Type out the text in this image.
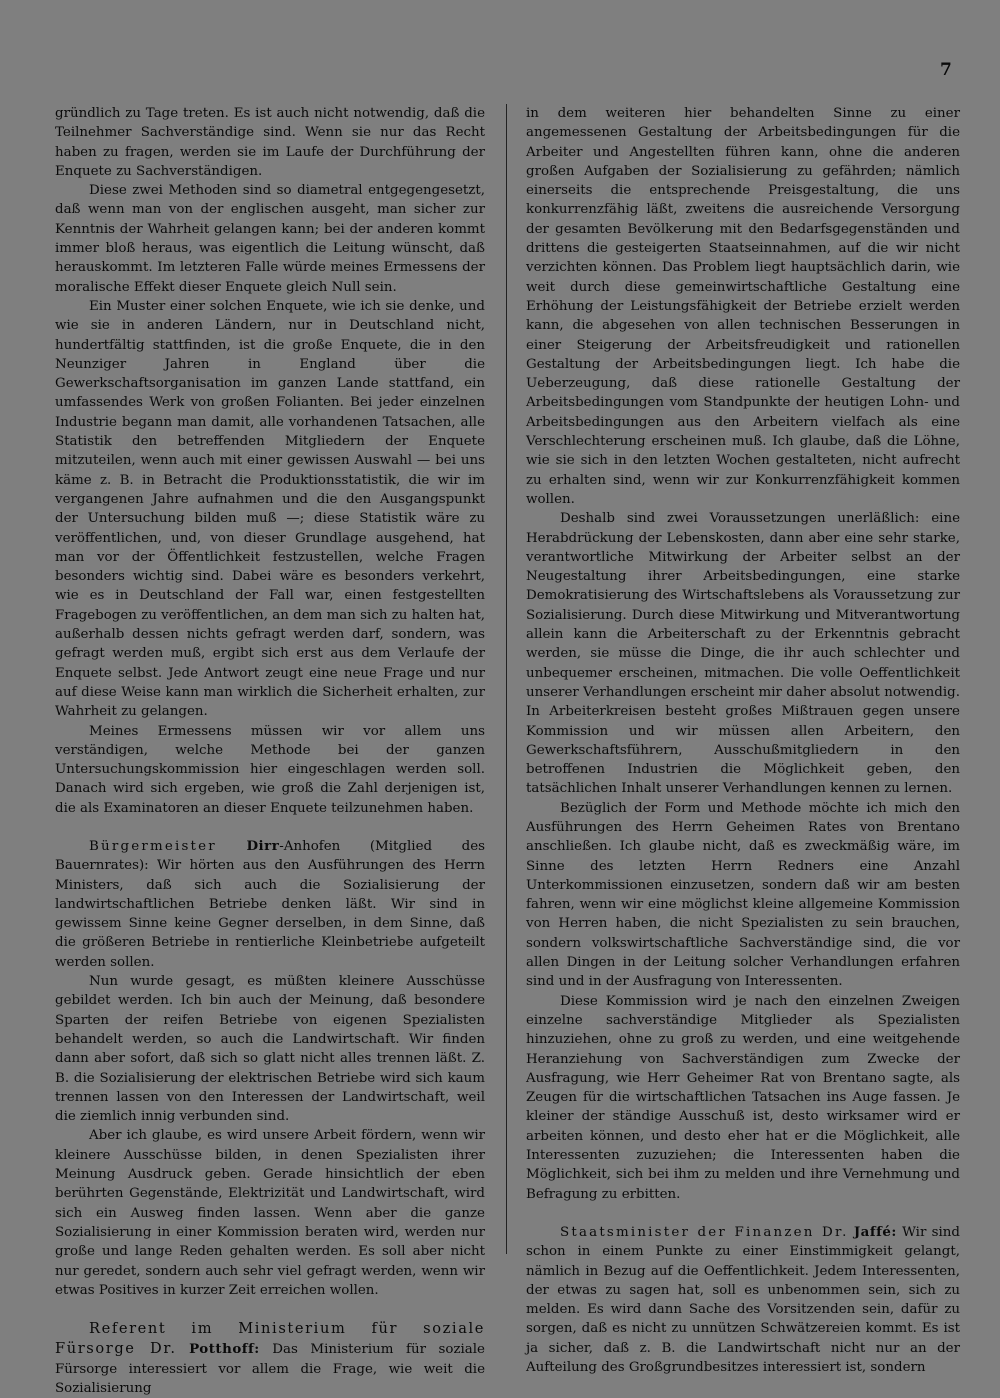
7

gründlich zu Tage treten. Es ist auch nicht notwendig, daß die Teilnehmer Sachverständige sind. Wenn sie nur das Recht haben zu fragen, werden sie im Laufe der Durchführung der Enquete zu Sachverständigen.

Diese zwei Methoden sind so diametral entgegengesetzt, daß wenn man von der englischen ausgeht, man sicher zur Kenntnis der Wahrheit gelangen kann; bei der anderen kommt immer bloß heraus, was eigentlich die Leitung wünscht, daß herauskommt. Im letzteren Falle würde meines Ermessens der moralische Effekt dieser Enquete gleich Null sein.

Ein Muster einer solchen Enquete, wie ich sie denke, und wie sie in anderen Ländern, nur in Deutschland nicht, hundertfältig stattfinden, ist die große Enquete, die in den Neunziger Jahren in England über die Gewerkschaftsorganisation im ganzen Lande stattfand, ein umfassendes Werk von großen Folianten. Bei jeder einzelnen Industrie begann man damit, alle vorhandenen Tatsachen, alle Statistik den betreffenden Mitgliedern der Enquete mitzuteilen, wenn auch mit einer gewissen Auswahl — bei uns käme z. B. in Betracht die Produktionsstatistik, die wir im vergangenen Jahre aufnahmen und die den Ausgangspunkt der Untersuchung bilden muß —; diese Statistik wäre zu veröffentlichen, und, von dieser Grundlage ausgehend, hat man vor der Öffentlichkeit festzustellen, welche Fragen besonders wichtig sind. Dabei wäre es besonders verkehrt, wie es in Deutschland der Fall war, einen festgestellten Fragebogen zu veröffentlichen, an dem man sich zu halten hat, außerhalb dessen nichts gefragt werden darf, sondern, was gefragt werden muß, ergibt sich erst aus dem Verlaufe der Enquete selbst. Jede Antwort zeugt eine neue Frage und nur auf diese Weise kann man wirklich die Sicherheit erhalten, zur Wahrheit zu gelangen.

Meines Ermessens müssen wir vor allem uns verständigen, welche Methode bei der ganzen Untersuchungskommission hier eingeschlagen werden soll. Danach wird sich ergeben, wie groß die Zahl derjenigen ist, die als Examinatoren an dieser Enquete teilzunehmen haben.

Bürgermeister Dirr-Anhofen (Mitglied des Bauernrates): Wir hörten aus den Ausführungen des Herrn Ministers, daß sich auch die Sozialisierung der landwirtschaftlichen Betriebe denken läßt. Wir sind in gewissem Sinne keine Gegner derselben, in dem Sinne, daß die größeren Betriebe in rentierliche Kleinbetriebe aufgeteilt werden sollen.

Nun wurde gesagt, es müßten kleinere Ausschüsse gebildet werden. Ich bin auch der Meinung, daß besondere Sparten der reifen Betriebe von eigenen Spezialisten behandelt werden, so auch die Landwirtschaft. Wir finden dann aber sofort, daß sich so glatt nicht alles trennen läßt. Z. B. die Sozialisierung der elektrischen Betriebe wird sich kaum trennen lassen von den Interessen der Landwirtschaft, weil die ziemlich innig verbunden sind.

Aber ich glaube, es wird unsere Arbeit fördern, wenn wir kleinere Ausschüsse bilden, in denen Spezialisten ihrer Meinung Ausdruck geben. Gerade hinsichtlich der eben berührten Gegenstände, Elektrizität und Landwirtschaft, wird sich ein Ausweg finden lassen. Wenn aber die ganze Sozialisierung in einer Kommission beraten wird, werden nur große und lange Reden gehalten werden. Es soll aber nicht nur geredet, sondern auch sehr viel gefragt werden, wenn wir etwas Positives in kurzer Zeit erreichen wollen.

Referent im Ministerium für soziale Fürsorge Dr. Potthoff: Das Ministerium für soziale Fürsorge interessiert vor allem die Frage, wie weit die Sozialisierung

in dem weiteren hier behandelten Sinne zu einer angemessenen Gestaltung der Arbeitsbedingungen für die Arbeiter und Angestellten führen kann, ohne die anderen großen Aufgaben der Sozialisierung zu gefährden; nämlich einerseits die entsprechende Preisgestaltung, die uns konkurrenzfähig läßt, zweitens die ausreichende Versorgung der gesamten Bevölkerung mit den Bedarfsgegenständen und drittens die gesteigerten Staatseinnahmen, auf die wir nicht verzichten können. Das Problem liegt hauptsächlich darin, wie weit durch diese gemeinwirtschaftliche Gestaltung eine Erhöhung der Leistungsfähigkeit der Betriebe erzielt werden kann, die abgesehen von allen technischen Besserungen in einer Steigerung der Arbeitsfreudigkeit und rationellen Gestaltung der Arbeitsbedingungen liegt. Ich habe die Ueberzeugung, daß diese rationelle Gestaltung der Arbeitsbedingungen vom Standpunkte der heutigen Lohn- und Arbeitsbedingungen aus den Arbeitern vielfach als eine Verschlechterung erscheinen muß. Ich glaube, daß die Löhne, wie sie sich in den letzten Wochen gestalteten, nicht aufrecht zu erhalten sind, wenn wir zur Konkurrenzfähigkeit kommen wollen.

Deshalb sind zwei Voraussetzungen unerläßlich: eine Herabdrückung der Lebenskosten, dann aber eine sehr starke, verantwortliche Mitwirkung der Arbeiter selbst an der Neugestaltung ihrer Arbeitsbedingungen, eine starke Demokratisierung des Wirtschaftslebens als Voraussetzung zur Sozialisierung. Durch diese Mitwirkung und Mitverantwortung allein kann die Arbeiterschaft zu der Erkenntnis gebracht werden, sie müsse die Dinge, die ihr auch schlechter und unbequemer erscheinen, mitmachen. Die volle Oeffentlichkeit unserer Verhandlungen erscheint mir daher absolut notwendig. In Arbeiterkreisen besteht großes Mißtrauen gegen unsere Kommission und wir müssen allen Arbeitern, den Gewerkschaftsführern, Ausschußmitgliedern in den betroffenen Industrien die Möglichkeit geben, den tatsächlichen Inhalt unserer Verhandlungen kennen zu lernen.

Bezüglich der Form und Methode möchte ich mich den Ausführungen des Herrn Geheimen Rates von Brentano anschließen. Ich glaube nicht, daß es zweckmäßig wäre, im Sinne des letzten Herrn Redners eine Anzahl Unterkommissionen einzusetzen, sondern daß wir am besten fahren, wenn wir eine möglichst kleine allgemeine Kommission von Herren haben, die nicht Spezialisten zu sein brauchen, sondern volkswirtschaftliche Sachverständige sind, die vor allen Dingen in der Leitung solcher Verhandlungen erfahren sind und in der Ausfragung von Interessenten.

Diese Kommission wird je nach den einzelnen Zweigen einzelne sachverständige Mitglieder als Spezialisten hinzuziehen, ohne zu groß zu werden, und eine weitgehende Heranziehung von Sachverständigen zum Zwecke der Ausfragung, wie Herr Geheimer Rat von Brentano sagte, als Zeugen für die wirtschaftlichen Tatsachen ins Auge fassen. Je kleiner der ständige Ausschuß ist, desto wirksamer wird er arbeiten können, und desto eher hat er die Möglichkeit, alle Interessenten zuzuziehen; die Interessenten haben die Möglichkeit, sich bei ihm zu melden und ihre Vernehmung und Befragung zu erbitten.

Staatsminister der Finanzen Dr. Jaffé: Wir sind schon in einem Punkte zu einer Einstimmigkeit gelangt, nämlich in Bezug auf die Oeffentlichkeit. Jedem Interessenten, der etwas zu sagen hat, soll es unbenommen sein, sich zu melden. Es wird dann Sache des Vorsitzenden sein, dafür zu sorgen, daß es nicht zu unnützen Schwätzereien kommt. Es ist ja sicher, daß z. B. die Landwirtschaft nicht nur an der Aufteilung des Großgrundbesitzes interessiert ist, sondern
